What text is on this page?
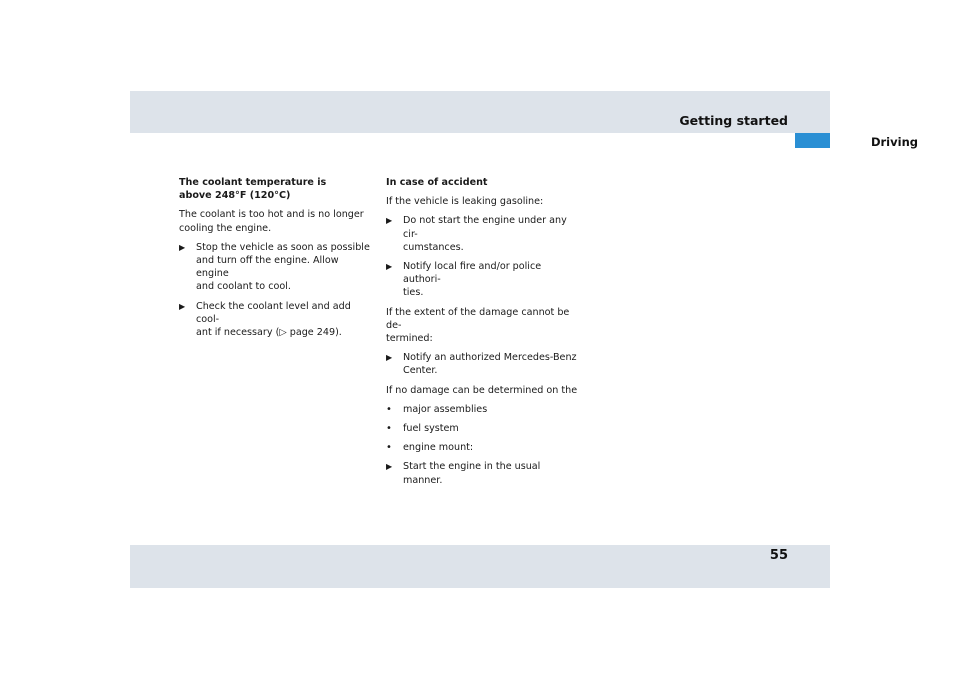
Getting started
Driving
The coolant temperature is
above 248°F (120°C)
The coolant is too hot and is no longer
cooling the engine.
▶	Stop the vehicle as soon as possible
and turn off the engine. Allow engine
and coolant to cool.
▶	Check the coolant level and add cool-
ant if necessary (▷ page 249).
In case of accident
If the vehicle is leaking gasoline:
▶	Do not start the engine under any cir-
cumstances.
▶	Notify local fire and/or police authori-
ties.
If the extent of the damage cannot be de-
termined:
▶	Notify an authorized Mercedes-Benz
Center.
If no damage can be determined on the
•	major assemblies
•	fuel system
•	engine mount:
▶	Start the engine in the usual manner.
55
